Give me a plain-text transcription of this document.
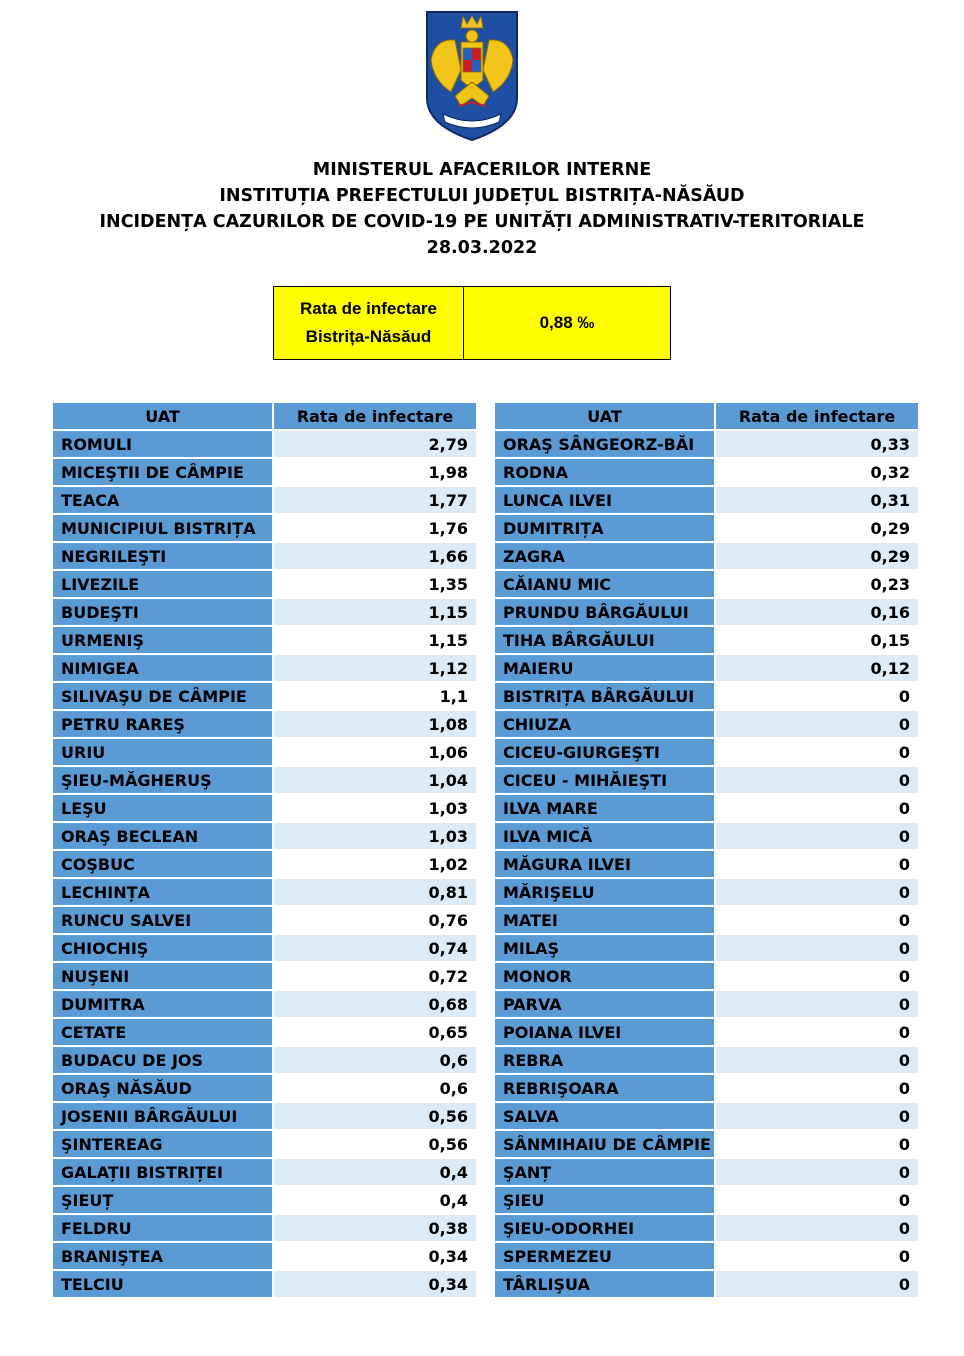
MINISTERUL AFACERILOR INTERNE
INSTITUȚIA PREFECTULUI JUDEȚUL BISTRIȚA-NĂSĂUD
INCIDENȚA CAZURILOR DE COVID-19 PE UNITĂȚI ADMINISTRATIV-TERITORIALE
28.03.2022
Rata de infectare
Bistrița-Năsăud
0,88 ‰
UAT	Rata de infectare
ROMULI	2,79
MICEŞTII DE CÂMPIE	1,98
TEACA	1,77
MUNICIPIUL BISTRIȚA	1,76
NEGRILEŞTI	1,66
LIVEZILE	1,35
BUDEŞTI	1,15
URMENIŞ	1,15
NIMIGEA	1,12
SILIVAŞU DE CÂMPIE	1,1
PETRU RAREŞ	1,08
URIU	1,06
ŞIEU-MĂGHERUŞ	1,04
LEŞU	1,03
ORAŞ BECLEAN	1,03
COŞBUC	1,02
LECHINȚA	0,81
RUNCU SALVEI	0,76
CHIOCHIŞ	0,74
NUŞENI	0,72
DUMITRA	0,68
CETATE	0,65
BUDACU DE JOS	0,6
ORAŞ NĂSĂUD	0,6
JOSENII BÂRGĂULUI	0,56
ŞINTEREAG	0,56
GALAȚII BISTRIȚEI	0,4
ŞIEUȚ	0,4
FELDRU	0,38
BRANIŞTEA	0,34
TELCIU	0,34
UAT	Rata de infectare
ORAŞ SÂNGEORZ-BĂI	0,33
RODNA	0,32
LUNCA ILVEI	0,31
DUMITRIȚA	0,29
ZAGRA	0,29
CĂIANU MIC	0,23
PRUNDU BÂRGĂULUI	0,16
TIHA BÂRGĂULUI	0,15
MAIERU	0,12
BISTRIȚA BÂRGĂULUI	0
CHIUZA	0
CICEU-GIURGEŞTI	0
CICEU - MIHĂIEŞTI	0
ILVA MARE	0
ILVA MICĂ	0
MĂGURA ILVEI	0
MĂRIŞELU	0
MATEI	0
MILAŞ	0
MONOR	0
PARVA	0
POIANA ILVEI	0
REBRA	0
REBRIŞOARA	0
SALVA	0
SÂNMIHAIU DE CÂMPIE	0
ŞANȚ	0
ŞIEU	0
ŞIEU-ODORHEI	0
SPERMEZEU	0
TÂRLIŞUA	0
